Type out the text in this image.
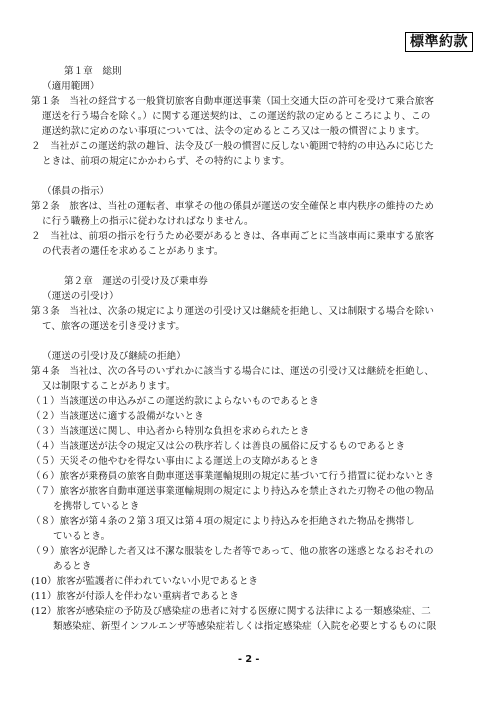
標準約款
第１章　総則
（適用範囲）
第１条　当社の経営する一般貸切旅客自動車運送事業（国土交通大臣の許可を受けて乗合旅客
運送を行う場合を除く。）に関する運送契約は、この運送約款の定めるところにより、この
運送約款に定めのない事項については、法令の定めるところ又は一般の慣習によります。
２　当社がこの運送約款の趣旨、法令及び一般の慣習に反しない範囲で特約の申込みに応じた
ときは、前項の規定にかかわらず、その特約によります。
（係員の指示）
第２条　旅客は、当社の運転者、車掌その他の係員が運送の安全確保と車内秩序の維持のため
に行う職務上の指示に従わなければなりません。
２　当社は、前項の指示を行うため必要があるときは、各車両ごとに当該車両に乗車する旅客
の代表者の選任を求めることがあります。
第２章　運送の引受け及び乗車券
（運送の引受け）
第３条　当社は、次条の規定により運送の引受け又は継続を拒絶し、又は制限する場合を除い
て、旅客の運送を引き受けます。
（運送の引受け及び継続の拒絶）
第４条　当社は、次の各号のいずれかに該当する場合には、運送の引受け又は継続を拒絶し、
又は制限することがあります。
（１）当該運送の申込みがこの運送約款によらないものであるとき
（２）当該運送に適する設備がないとき
（３）当該運送に関し、申込者から特別な負担を求められたとき
（４）当該運送が法令の規定又は公の秩序若しくは善良の風俗に反するものであるとき
（５）天災その他やむを得ない事由による運送上の支障があるとき
（６）旅客が乗務員の旅客自動車運送事業運輸規則の規定に基づいて行う措置に従わないとき
（７）旅客が旅客自動車運送事業運輸規則の規定により持込みを禁止された刃物その他の物品
を携帯しているとき
（８）旅客が第４条の２第３項又は第４項の規定により持込みを拒絶された物品を携帯し
ているとき。
（９）旅客が泥酔した者又は不潔な服装をした者等であって、他の旅客の迷惑となるおそれの
あるとき
(10）旅客が監護者に伴われていない小児であるとき
(11）旅客が付添人を伴わない重病者であるとき
(12）旅客が感染症の予防及び感染症の患者に対する医療に関する法律による一類感染症、二
類感染症、新型インフルエンザ等感染症若しくは指定感染症（入院を必要とするものに限
- 2 -
